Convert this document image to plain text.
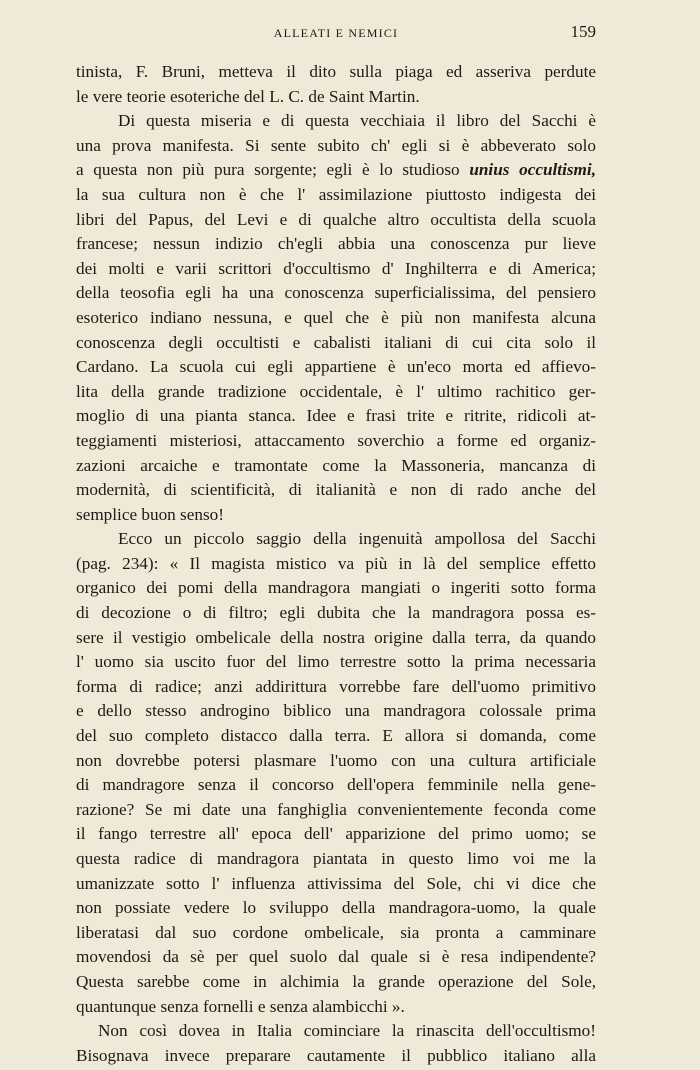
ALLEATI E NEMICI	159
tinista, F. Bruni, metteva il dito sulla piaga ed asseriva perdute
le vere teorie esoteriche del L. C. de Saint Martin.
Di questa miseria e di questa vecchiaia il libro del Sacchi è
una prova manifesta. Si sente subito ch' egli si è abbeverato solo
a questa non più pura sorgente; egli è lo studioso unius occultismi,
la sua cultura non è che l' assimilazione piuttosto indigesta dei
libri del Papus, del Levi e di qualche altro occultista della scuola
francese; nessun indizio ch'egli abbia una conoscenza pur lieve
dei molti e varii scrittori d'occultismo d' Inghilterra e di America;
della teosofia egli ha una conoscenza superficialissima, del pensiero
esoterico indiano nessuna, e quel che è più non manifesta alcuna
conoscenza degli occultisti e cabalisti italiani di cui cita solo il
Cardano. La scuola cui egli appartiene è un'eco morta ed affievo-
lita della grande tradizione occidentale, è l' ultimo rachitico ger-
moglio di una pianta stanca. Idee e frasi trite e ritrite, ridicoli at-
teggiamenti misteriosi, attaccamento soverchio a forme ed organiz-
zazioni arcaiche e tramontate come la Massoneria, mancanza di
modernità, di scientificità, di italianità e non di rado anche del
semplice buon senso!
Ecco un piccolo saggio della ingenuità ampollosa del Sacchi
(pag. 234): « Il magista mistico va più in là del semplice effetto
organico dei pomi della mandragora mangiati o ingeriti sotto forma
di decozione o di filtro; egli dubita che la mandragora possa es-
sere il vestigio ombelicale della nostra origine dalla terra, da quando
l' uomo sia uscito fuor del limo terrestre sotto la prima necessaria
forma di radice; anzi addirittura vorrebbe fare dell'uomo primitivo
e dello stesso androgino biblico una mandragora colossale prima
del suo completo distacco dalla terra. E allora si domanda, come
non dovrebbe potersi plasmare l'uomo con una cultura artificiale
di mandragore senza il concorso dell'opera femminile nella gene-
razione? Se mi date una fanghiglia convenientemente feconda come
il fango terrestre all' epoca dell' apparizione del primo uomo; se
questa radice di mandragora piantata in questo limo voi me la
umanizzate sotto l' influenza attivissima del Sole, chi vi dice che
non possiate vedere lo sviluppo della mandragora-uomo, la quale
liberatasi dal suo cordone ombelicale, sia pronta a camminare
movendosi da sè per quel suolo dal quale si è resa indipendente?
Questa sarebbe come in alchimia la grande operazione del Sole,
quantunque senza fornelli e senza alambicchi ».
Non così dovea in Italia cominciare la rinascita dell'occultismo!
Bisognava invece preparare cautamente il pubblico italiano alla
